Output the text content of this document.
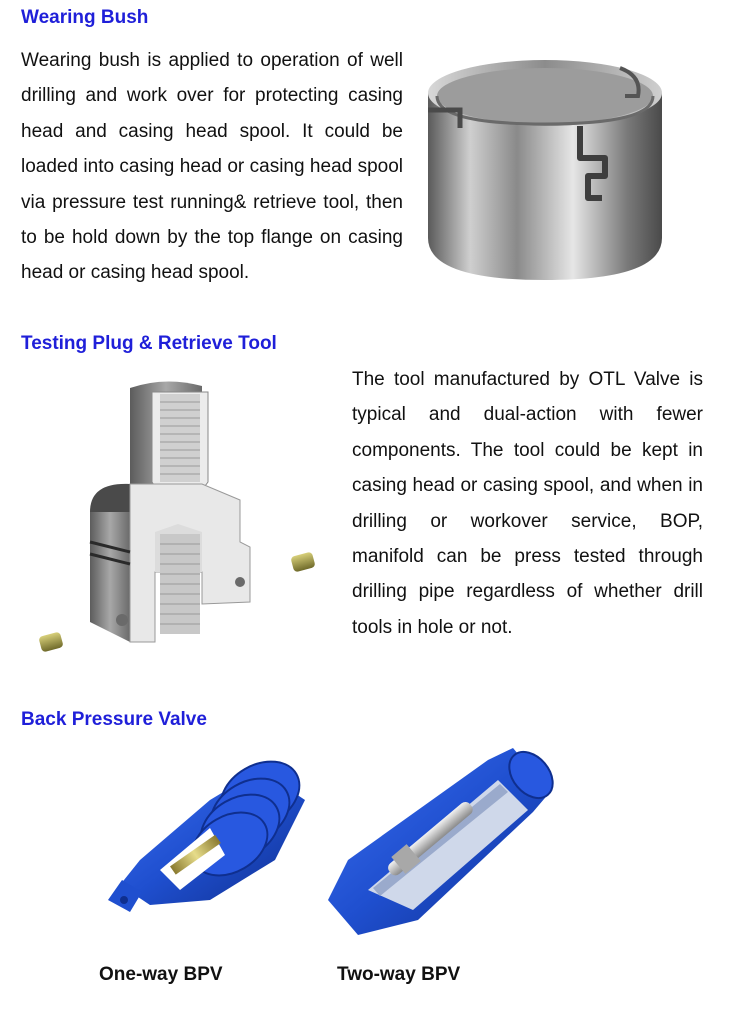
Wearing Bush

Wearing bush is applied to operation of well drilling and work over for protecting casing head and casing head spool. It could be loaded into casing head or casing head spool via pressure test running& retrieve tool, then to be hold down by the top flange on casing head or casing head spool.

Testing Plug & Retrieve Tool

The tool manufactured by OTL Valve is typical and dual-action with fewer components. The tool could be kept in casing head or casing spool, and when in drilling or workover service, BOP, manifold can be press tested through drilling pipe regardless of whether drill tools in hole or not.

Back Pressure Valve
One-way BPV	Two-way BPV
